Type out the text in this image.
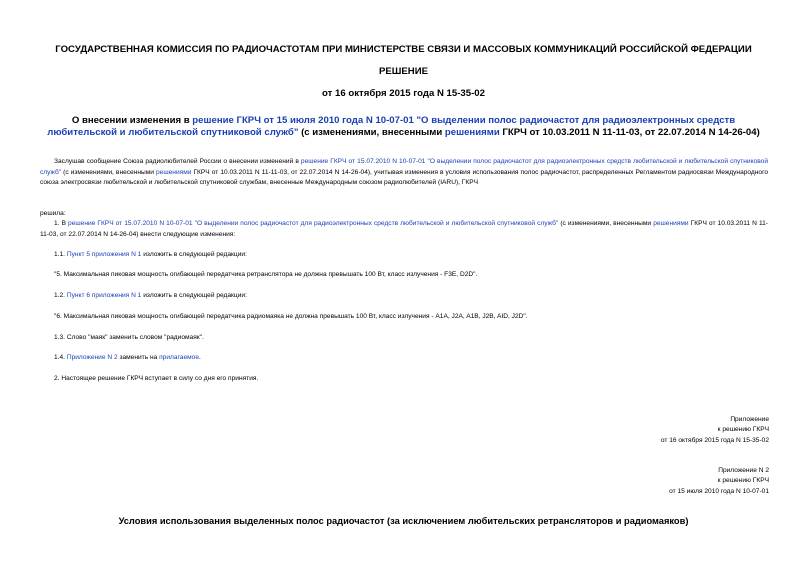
ГОСУДАРСТВЕННАЯ КОМИССИЯ ПО РАДИОЧАСТОТАМ ПРИ МИНИСТЕРСТВЕ СВЯЗИ И МАССОВЫХ КОММУНИКАЦИЙ РОССИЙСКОЙ ФЕДЕРАЦИИ
РЕШЕНИЕ
от 16 октября 2015 года N 15-35-02
О внесении изменения в решение ГКРЧ от 15 июля 2010 года N 10-07-01 "О выделении полос радиочастот для радиоэлектронных средств любительской и любительской спутниковой служб" (с изменениями, внесенными решениями ГКРЧ от 10.03.2011 N 11-11-03, от 22.07.2014 N 14-26-04)
Заслушав сообщение Союза радиолюбителей России о внесении изменений в решение ГКРЧ от 15.07.2010 N 10-07-01 "О выделении полос радиочастот для радиоэлектронных средств любительской и любительской спутниковой служб" (с изменениями, внесенными решениями ГКРЧ от 10.03.2011 N 11-11-03, от 22.07.2014 N 14-26-04), учитывая изменения в условия использования полос радиочастот, распределенных Регламентом радиосвязи Международного союза электросвязи любительской и любительской спутниковой службам, внесенные Международным союзом радиолюбителей (IARU), ГКРЧ
решила:
1. В решение ГКРЧ от 15.07.2010 N 10-07-01 "О выделении полос радиочастот для радиоэлектронных средств любительской и любительской спутниковой служб" (с изменениями, внесенными решениями ГКРЧ от 10.03.2011 N 11-11-03, от 22.07.2014 N 14-26-04) внести следующие изменения:
1.1. Пункт 5 приложения N 1 изложить в следующей редакции:
"5. Максимальная пиковая мощность огибающей передатчика ретранслятора не должна превышать 100 Вт, класс излучения - F3E, D2D".
1.2. Пункт 6 приложения N 1 изложить в следующей редакции:
"6. Максимальная пиковая мощность огибающей передатчика радиомаяка не должна превышать 100 Вт, класс излучения - A1A, J2A, A1B, J2B, AID, J2D".
1.3. Слово "маяк" заменить словом "радиомаяк".
1.4. Приложение N 2 заменить на прилагаемое.
2. Настоящее решение ГКРЧ вступает в силу со дня его принятия.
Приложение
к решению ГКРЧ
от 16 октября 2015 года N 15-35-02
Приложение N 2
к решению ГКРЧ
от 15 июля 2010 года N 10-07-01
Условия использования выделенных полос радиочастот (за исключением любительских ретрансляторов и радиомаяков)
